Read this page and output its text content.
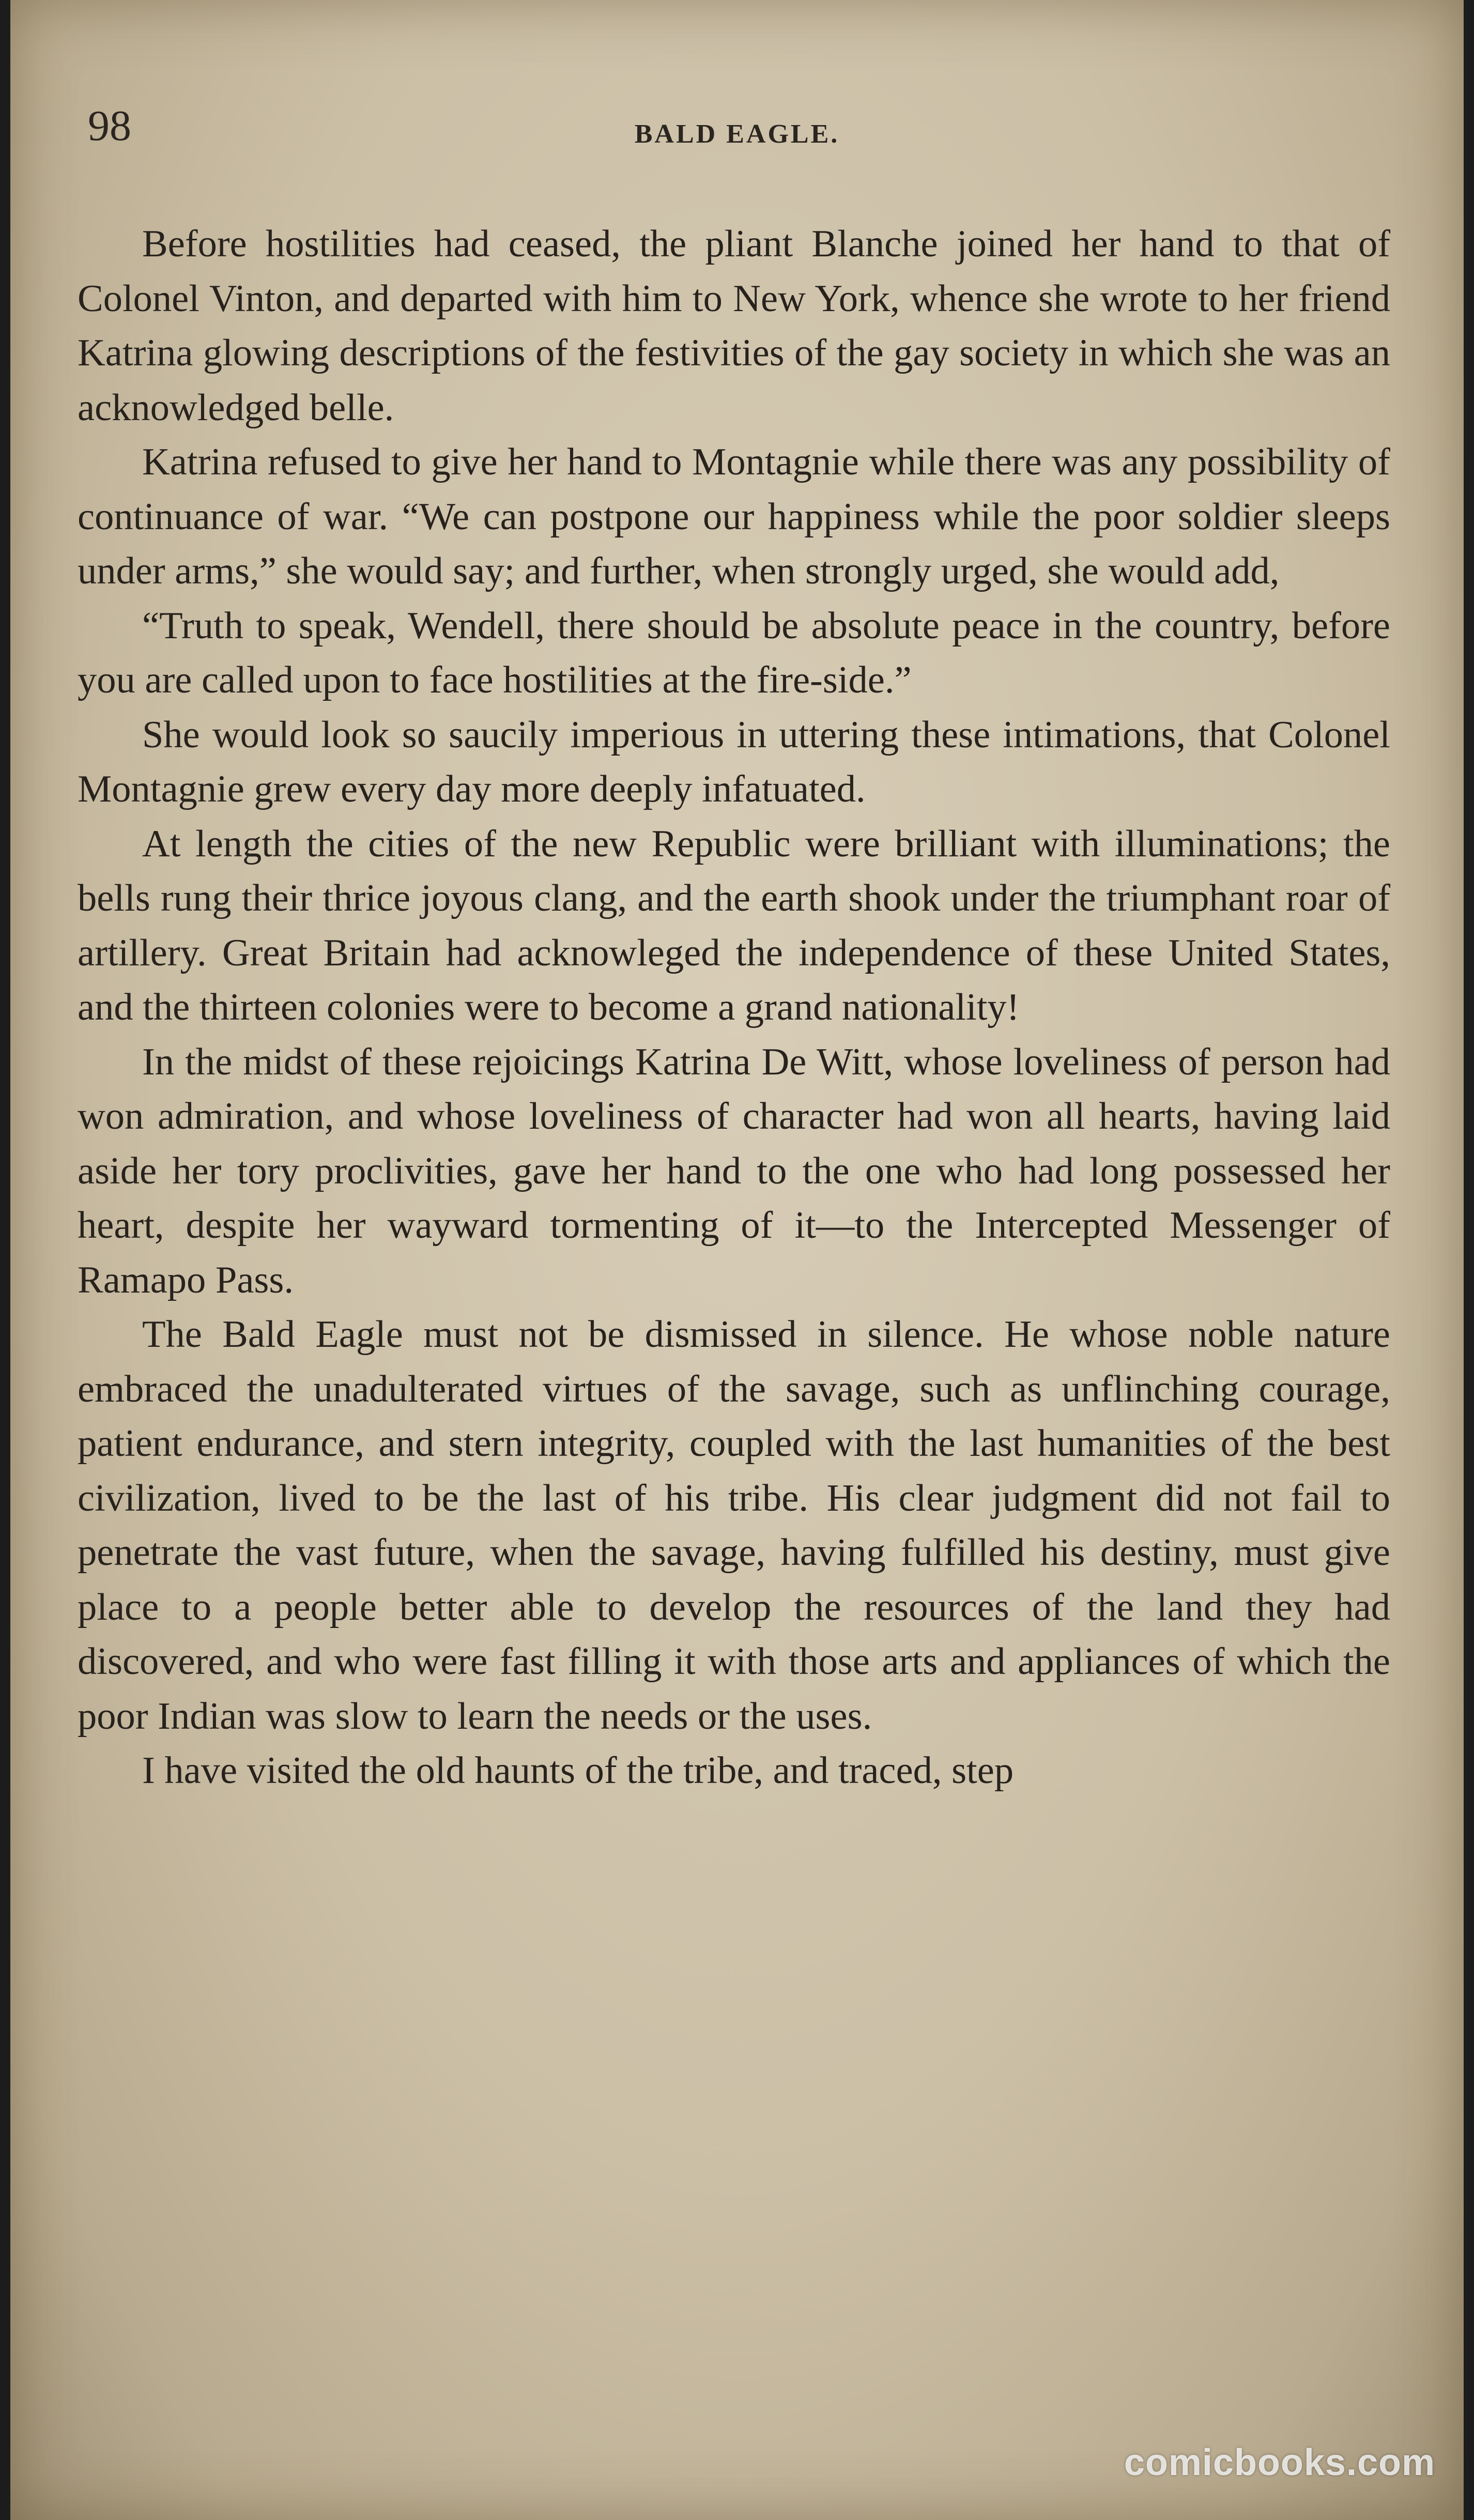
98	BALD EAGLE.

Before hostilities had ceased, the pliant Blanche joined her hand to that of Colonel Vinton, and departed with him to New York, whence she wrote to her friend Katrina glowing descriptions of the festivities of the gay society in which she was an acknowledged belle.

Katrina refused to give her hand to Montagnie while there was any possibility of continuance of war. “We can postpone our happiness while the poor soldier sleeps under arms,” she would say; and further, when strongly urged, she would add,

“Truth to speak, Wendell, there should be absolute peace in the country, before you are called upon to face hostilities at the fire-side.”

She would look so saucily imperious in uttering these intimations, that Colonel Montagnie grew every day more deeply infatuated.

At length the cities of the new Republic were brilliant with illuminations; the bells rung their thrice joyous clang, and the earth shook under the triumphant roar of artillery. Great Britain had acknowleged the independence of these United States, and the thirteen colonies were to become a grand nationality!

In the midst of these rejoicings Katrina De Witt, whose loveliness of person had won admiration, and whose loveliness of character had won all hearts, having laid aside her tory proclivities, gave her hand to the one who had long possessed her heart, despite her wayward tormenting of it—to the Intercepted Messenger of Ramapo Pass.

The Bald Eagle must not be dismissed in silence. He whose noble nature embraced the unadulterated virtues of the savage, such as unflinching courage, patient endurance, and stern integrity, coupled with the last humanities of the best civilization, lived to be the last of his tribe. His clear judgment did not fail to penetrate the vast future, when the savage, having fulfilled his destiny, must give place to a people better able to develop the resources of the land they had discovered, and who were fast filling it with those arts and appliances of which the poor Indian was slow to learn the needs or the uses.

I have visited the old haunts of the tribe, and traced, step

comicbooks.com
